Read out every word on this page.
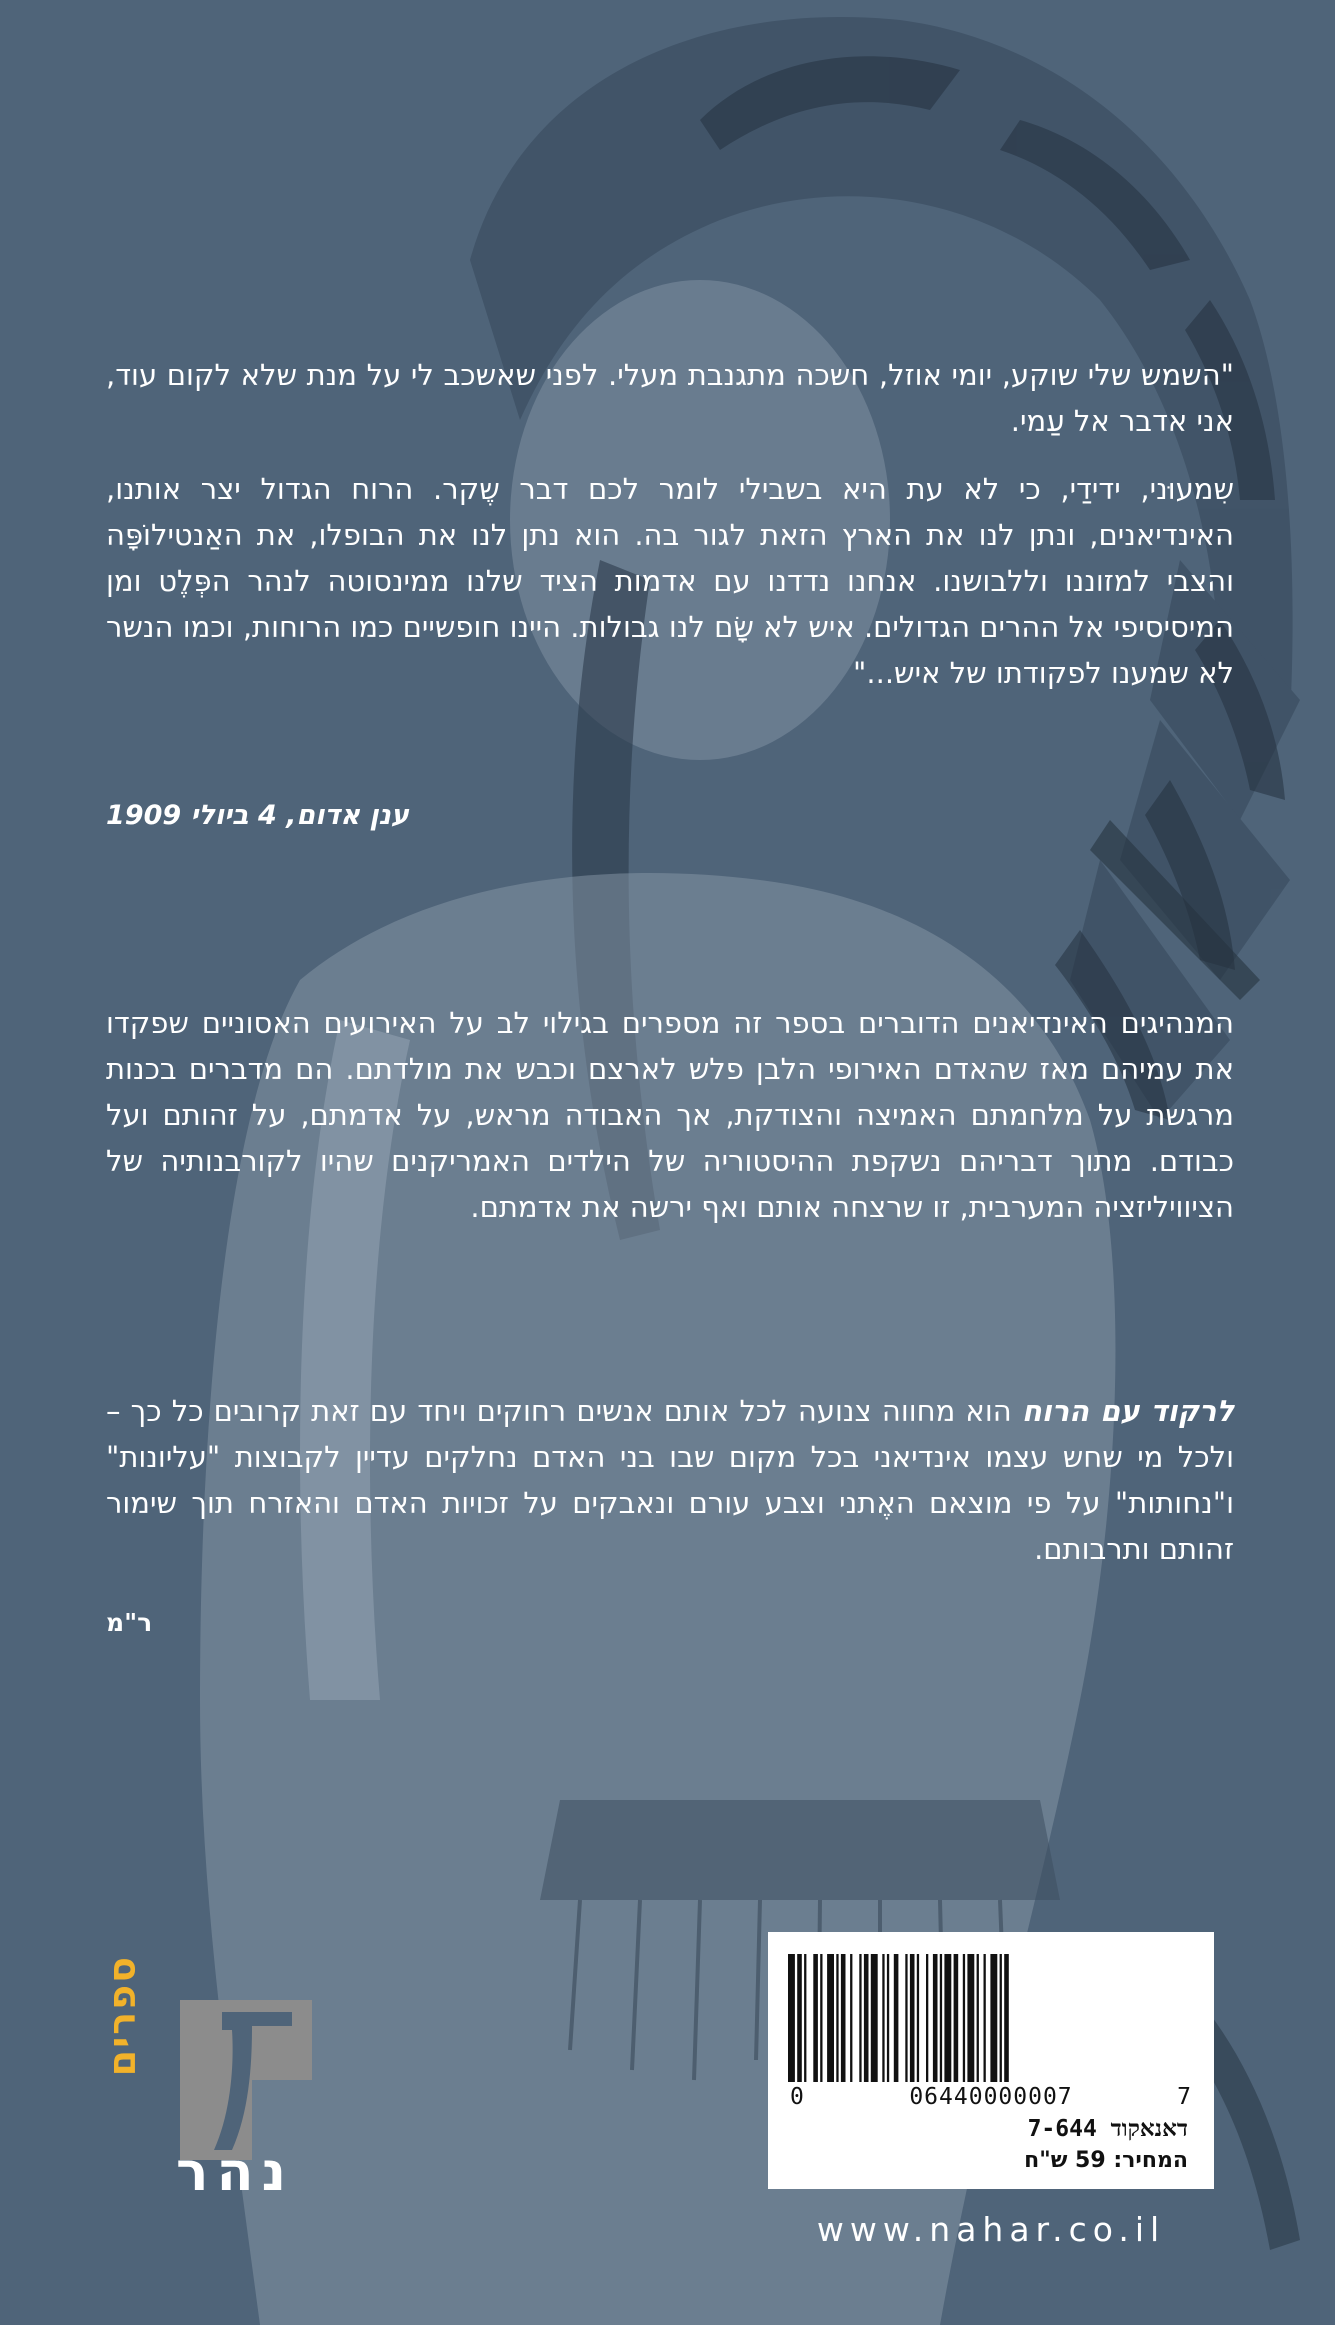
"השמש שלי שוקע, יומי אוזל, חשכה מתגנבת מעלי. לפני שאשכב לי על מנת שלא לקום עוד, אני אדבר אל עַמי.

שִמעוּני, ידידַי, כי לא עת היא בשבילי לומר לכם דבר שֶקר. הרוח הגדול יצר אותנו, האינדיאנים, ונתן לנו את הארץ הזאת לגור בה. הוא נתן לנו את הבופלו, את האַנטילוֹפָּה והצבי למזוננו וללבושנו. אנחנו נדדנו עם אדמות הציד שלנו ממינסוטה לנהר הפְּלֶט ומן המיסיסיפי אל ההרים הגדולים. איש לא שָׂם לנו גבולות. היינו חופשיים כמו הרוחות, וכמו הנשר לא שמענו לפקודתו של איש..."

ענן אדום, 4 ביולי 1909

המנהיגים האינדיאנים הדוברים בספר זה מספרים בגילוי לב על האירועים האסוניים שפקדו את עמיהם מאז שהאדם האירופי הלבן פלש לארצם וכבש את מולדתם. הם מדברים בכנות מרגשת על מלחמתם האמיצה והצודקת, אך האבודה מראש, על אדמתם, על זהותם ועל כבודם. מתוך דבריהם נשקפת ההיסטוריה של הילדים האמריקנים שהיו לקורבנותיה של הציוויליזציה המערבית, זו שרצחה אותם ואף ירשה את אדמתם.

לרקוד עם הרוח הוא מחווה צנועה לכל אותם אנשים רחוקים ויחד עם זאת קרובים כל כך – ולכל מי שחש עצמו אינדיאני בכל מקום שבו בני האדם נחלקים עדיין לקבוצות "עליונות" ו"נחותות" על פי מוצאם האֶתני וצבע עורם ונאבקים על זכויות האדם והאזרח תוך שימור זהותם ותרבותם.

ר"מ
ספרים
נהר
0	06440000007	7
דאנאקוד 7-644
המחיר: 59 ש"ח
www.nahar.co.il
